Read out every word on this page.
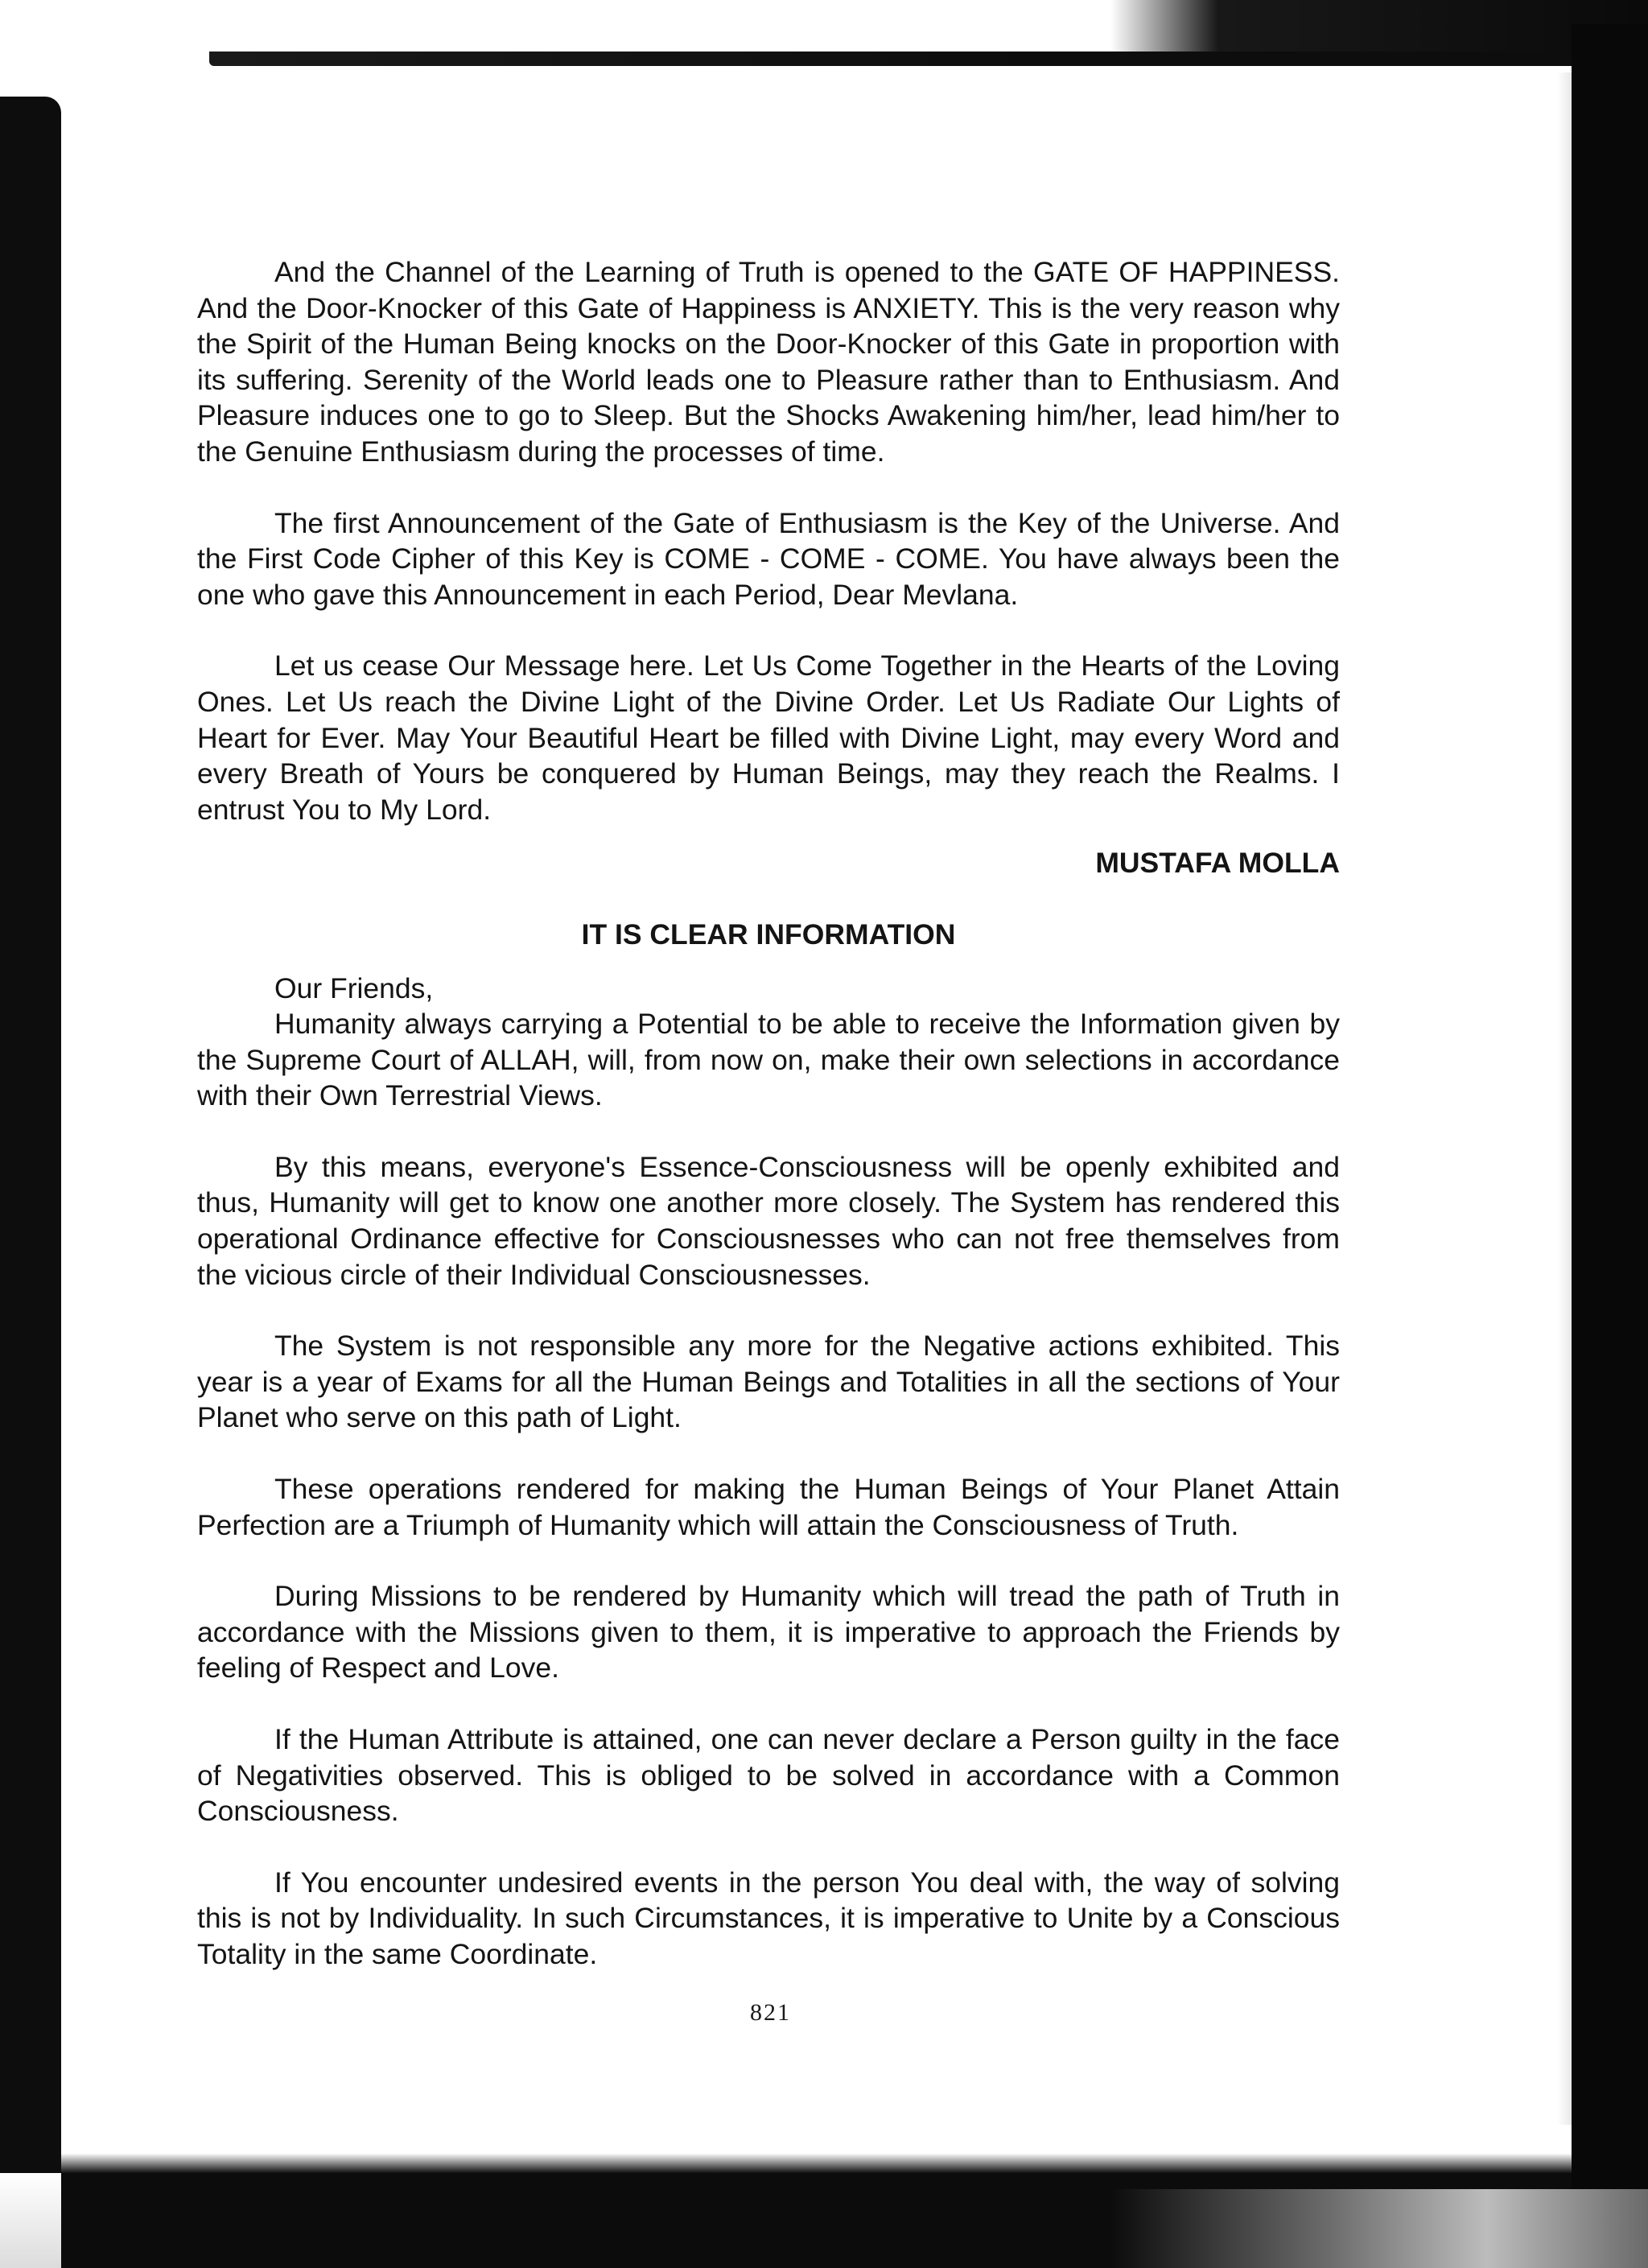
And the Channel of the Learning of Truth is opened to the GATE OF HAPPINESS. And the Door-Knocker of this Gate of Happiness is ANXIETY. This is the very reason why the Spirit of the Human Being knocks on the Door-Knocker of this Gate in proportion with its suffering. Serenity of the World leads one to Pleasure rather than to Enthusiasm. And Pleasure induces one to go to Sleep. But the Shocks Awakening him/her, lead him/her to the Genuine Enthusiasm during the processes of time.

The first Announcement of the Gate of Enthusiasm is the Key of the Universe. And the First Code Cipher of this Key is COME - COME - COME. You have always been the one who gave this Announcement in each Period, Dear Mevlana.

Let us cease Our Message here. Let Us Come Together in the Hearts of the Loving Ones. Let Us reach the Divine Light of the Divine Order. Let Us Radiate Our Lights of Heart for Ever. May Your Beautiful Heart be filled with Divine Light, may every Word and every Breath of Yours be conquered by Human Beings, may they reach the Realms. I entrust You to My Lord.

MUSTAFA MOLLA
IT IS CLEAR INFORMATION
Our Friends,

Humanity always carrying a Potential to be able to receive the Information given by the Supreme Court of ALLAH, will, from now on, make their own selections in accordance with their Own Terrestrial Views.

By this means, everyone's Essence-Consciousness will be openly exhibited and thus, Humanity will get to know one another more closely. The System has rendered this operational Ordinance effective for Consciousnesses who can not free themselves from the vicious circle of their Individual Consciousnesses.

The System is not responsible any more for the Negative actions exhibited. This year is a year of Exams for all the Human Beings and Totalities in all the sections of Your Planet who serve on this path of Light.

These operations rendered for making the Human Beings of Your Planet Attain Perfection are a Triumph of Humanity which will attain the Consciousness of Truth.

During Missions to be rendered by Humanity which will tread the path of Truth in accordance with the Missions given to them, it is imperative to approach the Friends by feeling of Respect and Love.

If the Human Attribute is attained, one can never declare a Person guilty in the face of Negativities observed. This is obliged to be solved in accordance with a Common Consciousness.

If You encounter undesired events in the person You deal with, the way of solving this is not by Individuality. In such Circumstances, it is imperative to Unite by a Conscious Totality in the same Coordinate.

821
